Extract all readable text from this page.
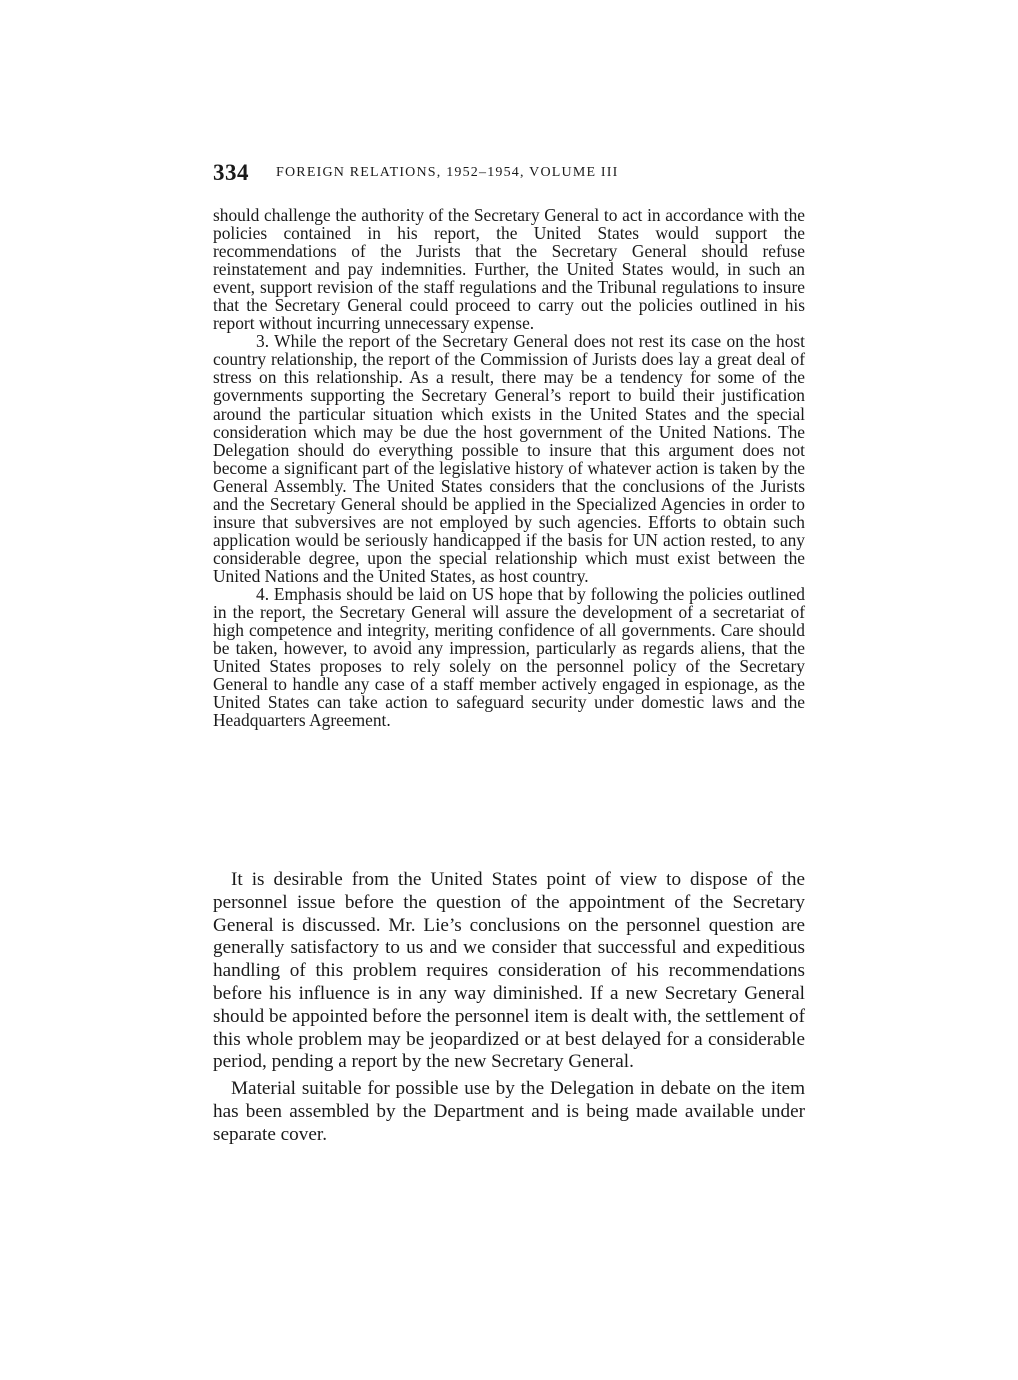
334 FOREIGN RELATIONS, 1952–1954, VOLUME III

should challenge the authority of the Secretary General to act in accordance with the policies contained in his report, the United States would support the recommendations of the Jurists that the Secretary General should refuse reinstatement and pay indemnities. Further, the United States would, in such an event, support revision of the staff regulations and the Tribunal regulations to insure that the Secretary General could proceed to carry out the policies outlined in his report without incurring unnecessary expense.

3. While the report of the Secretary General does not rest its case on the host country relationship, the report of the Commission of Jurists does lay a great deal of stress on this relationship. As a result, there may be a tendency for some of the governments supporting the Secretary General’s report to build their justification around the particular situation which exists in the United States and the special consideration which may be due the host government of the United Nations. The Delegation should do everything possible to insure that this argument does not become a significant part of the legislative history of whatever action is taken by the General Assembly. The United States considers that the conclusions of the Jurists and the Secretary General should be applied in the Specialized Agencies in order to insure that subversives are not employed by such agencies. Efforts to obtain such application would be seriously handicapped if the basis for UN action rested, to any considerable degree, upon the special relationship which must exist between the United Nations and the United States, as host country.

4. Emphasis should be laid on US hope that by following the policies outlined in the report, the Secretary General will assure the development of a secretariat of high competence and integrity, meriting confidence of all governments. Care should be taken, however, to avoid any impression, particularly as regards aliens, that the United States proposes to rely solely on the personnel policy of the Secretary General to handle any case of a staff member actively engaged in espionage, as the United States can take action to safeguard security under domestic laws and the Headquarters Agreement.

It is desirable from the United States point of view to dispose of the personnel issue before the question of the appointment of the Secretary General is discussed. Mr. Lie’s conclusions on the personnel question are generally satisfactory to us and we consider that successful and expeditious handling of this problem requires consideration of his recommendations before his influence is in any way diminished. If a new Secretary General should be appointed before the personnel item is dealt with, the settlement of this whole problem may be jeopardized or at best delayed for a considerable period, pending a report by the new Secretary General.

Material suitable for possible use by the Delegation in debate on the item has been assembled by the Department and is being made available under separate cover.
